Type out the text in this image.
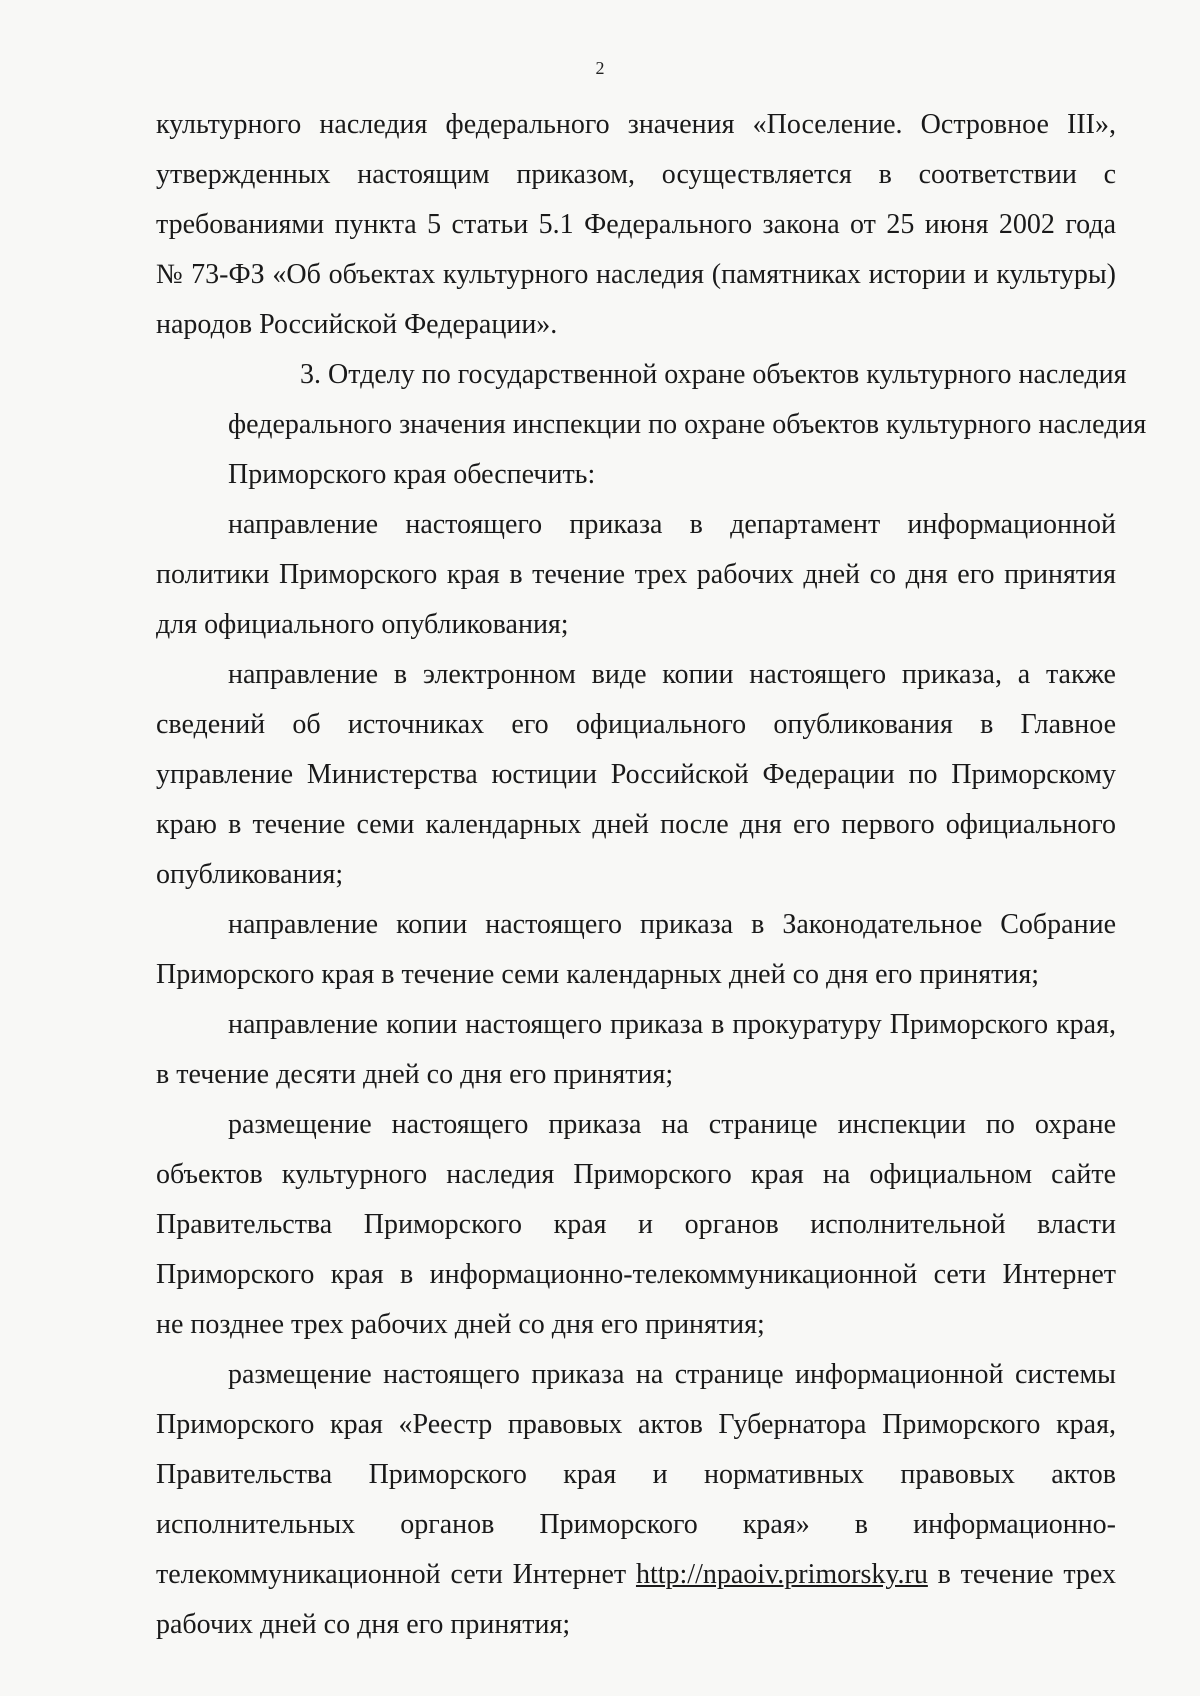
2
культурного наследия федерального значения «Поселение. Островное III»,
утвержденных настоящим приказом, осуществляется в соответствии с
требованиями пункта 5 статьи 5.1 Федерального закона от 25 июня 2002 года
№ 73-ФЗ «Об объектах культурного наследия (памятниках истории и культуры)
народов Российской Федерации».
3. Отделу по государственной охране объектов культурного наследия
федерального значения инспекции по охране объектов культурного наследия
Приморского края обеспечить:
направление настоящего приказа в департамент информационной
политики Приморского края в течение трех рабочих дней со дня его принятия
для официального опубликования;
направление в электронном виде копии настоящего приказа, а также
сведений об источниках его официального опубликования в Главное
управление Министерства юстиции Российской Федерации по Приморскому
краю в течение семи календарных дней после дня его первого официального
опубликования;
направление копии настоящего приказа в Законодательное Собрание
Приморского края в течение семи календарных дней со дня его принятия;
направление копии настоящего приказа в прокуратуру Приморского края,
в течение десяти дней со дня его принятия;
размещение настоящего приказа на странице инспекции по охране
объектов культурного наследия Приморского края на официальном сайте
Правительства Приморского края и органов исполнительной власти
Приморского края в информационно-телекоммуникационной сети Интернет
не позднее трех рабочих дней со дня его принятия;
размещение настоящего приказа на странице информационной системы
Приморского края «Реестр правовых актов Губернатора Приморского края,
Правительства Приморского края и нормативных правовых актов
исполнительных органов Приморского края» в информационно-
телекоммуникационной сети Интернет http://npaoiv.primorsky.ru в течение трех
рабочих дней со дня его принятия;
